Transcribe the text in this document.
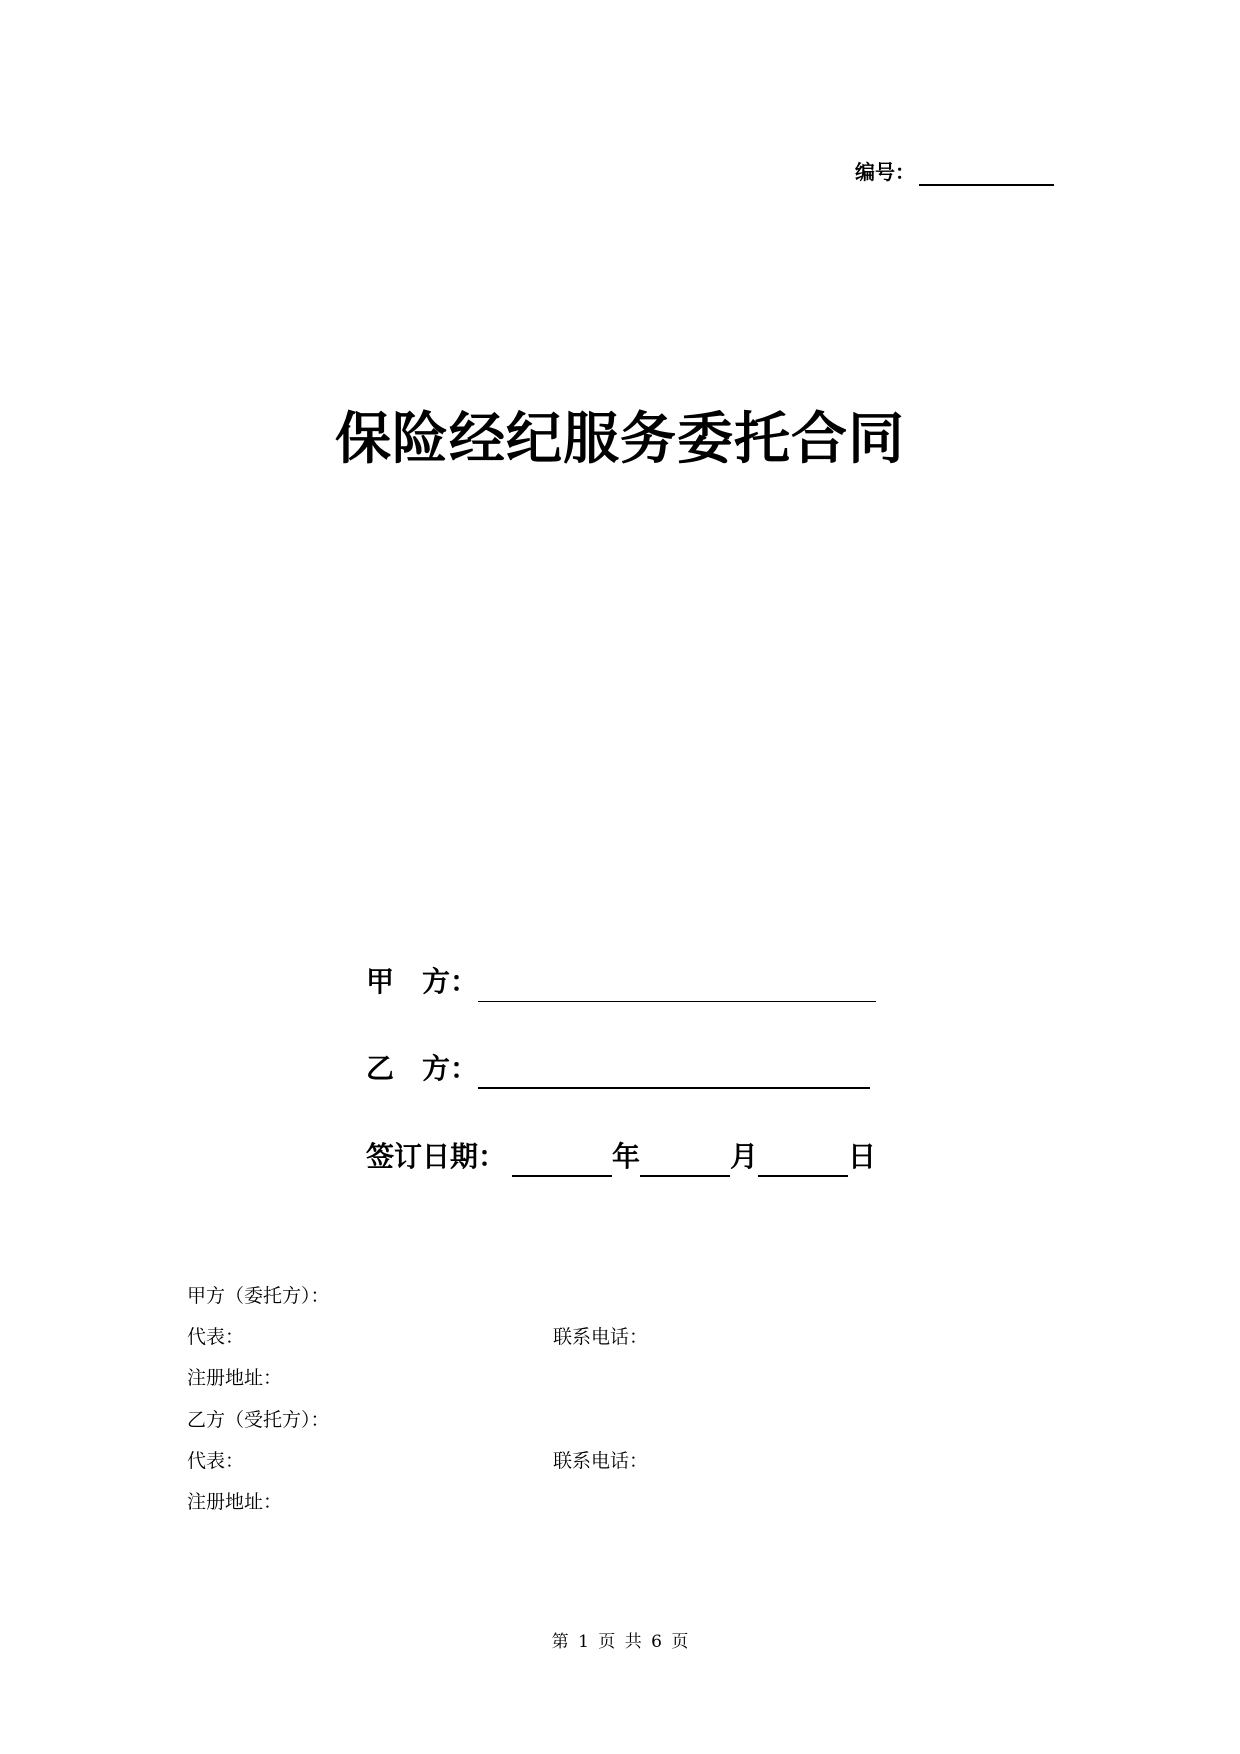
编号：
保险经纪服务委托合同
甲　方：
乙　方：
签订日期：	年	月	日
甲方（委托方）：
代表：	联系电话：
注册地址：
乙方（受托方）：
代表：	联系电话：
注册地址：
第 1 页 共 6 页
